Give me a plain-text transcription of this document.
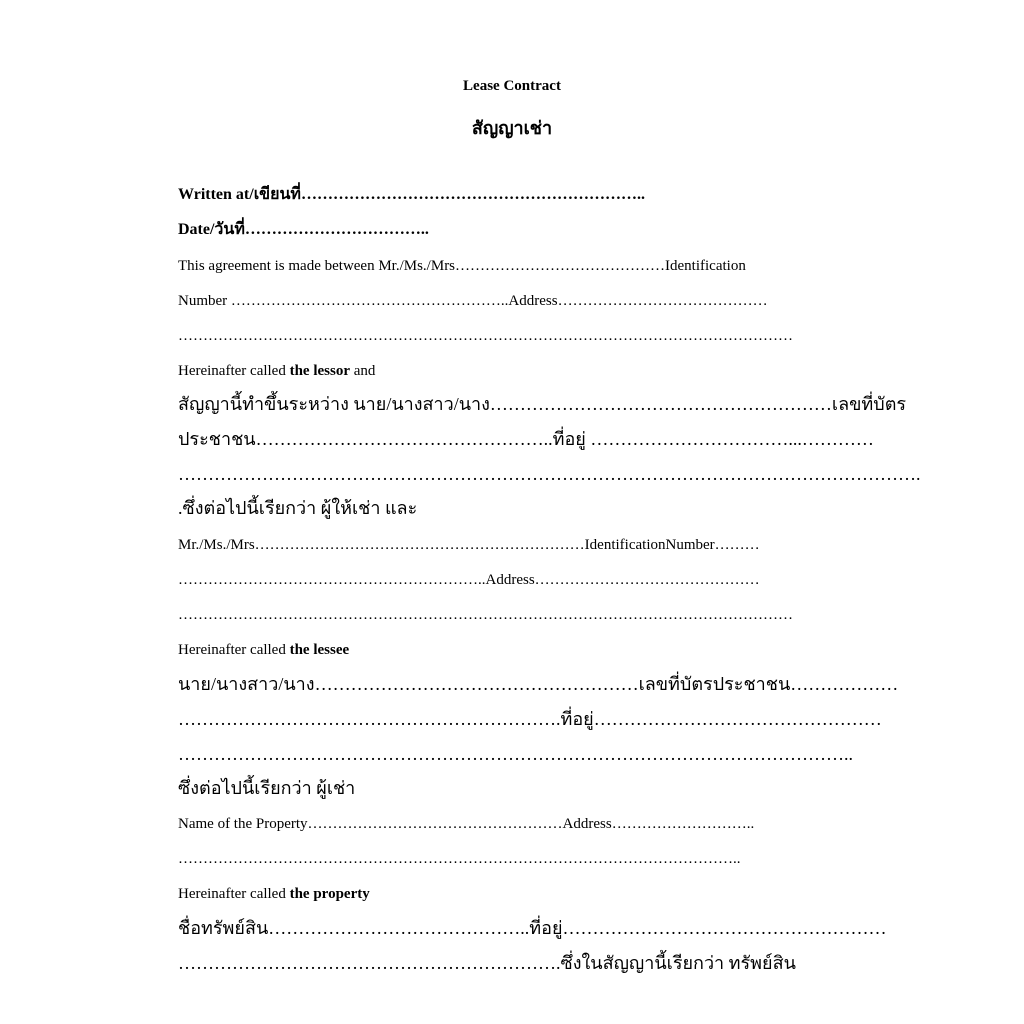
Lease Contract
สัญญาเช่า
Written at/เขียนที่………………………………………………………..
Date/วันที่……………………………..
This agreement is made between Mr./Ms./Mrs……………………………………Identification
Number ………………………………………………..Address……………………………………
……………………………………………………………………………………………………………
Hereinafter called the lessor and
สัญญานี้ทำขึ้นระหว่าง นาย/นางสาว/นาง…………………………………………………เลขที่บัตร
ประชาชน…………………………………………..ที่อยู่ ……………………………...…………
…………………………………………………………………………………………………………….
.ซึ่งต่อไปนี้เรียกว่า ผู้ให้เช่า และ
Mr./Ms./Mrs…………………………………………………………IdentificationNumber………
……………………………………………………..Address………………………………………
……………………………………………………………………………………………………………
Hereinafter called the lessee
นาย/นางสาว/นาง………………………………………………เลขที่บัตรประชาชน………………
……………………………………………………….ที่อยู่…………………………………………
…………………………………………………………………………………………………..
ซึ่งต่อไปนี้เรียกว่า ผู้เช่า
Name of the Property……………………………………………Address………………………..
…………………………………………………………………………………………………..
Hereinafter called the property
ชื่อทรัพย์สิน……………………………………..ที่อยู่………………………………………………
……………………………………………………….ซึ่งในสัญญานี้เรียกว่า ทรัพย์สิน
